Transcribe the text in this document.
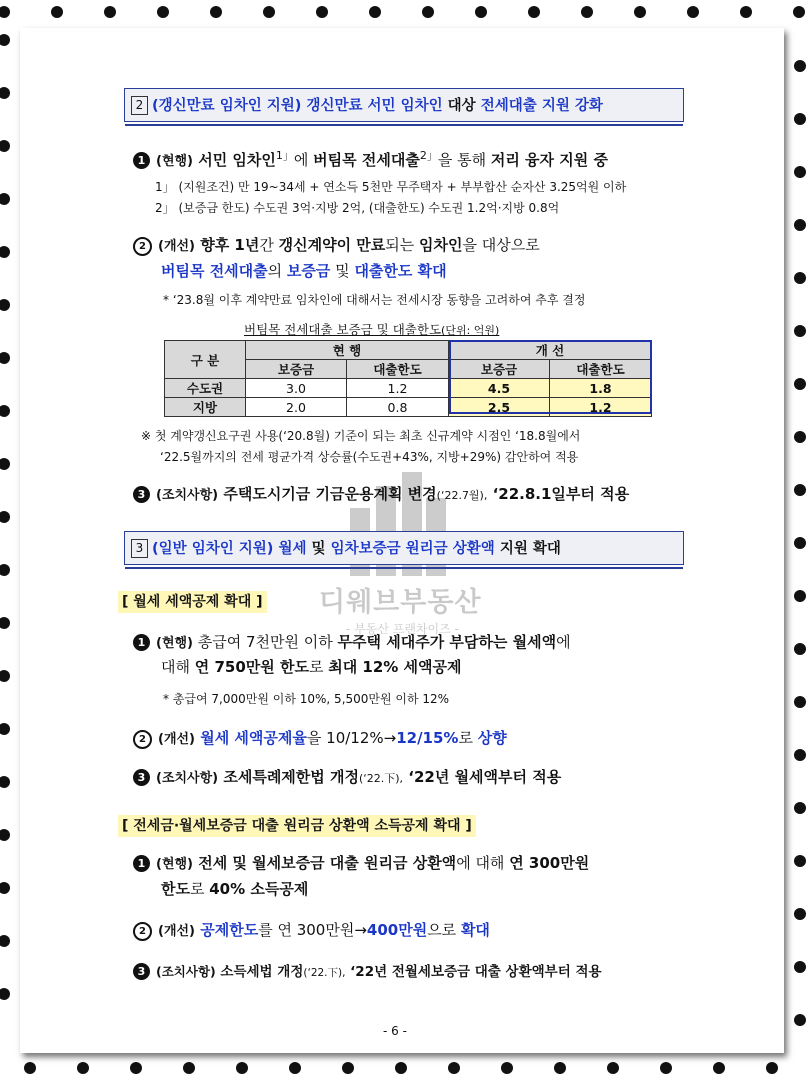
디웨브부동산
- 부동산 프랜차이즈 -
2 (갱신만료 임차인 지원) 갱신만료 서민 임차인 대상 전세대출 지원 강화
1 (현행) 서민 임차인$^{1」}$에 버팀목 전세대출$^{2」}$을 통해 저리 융자 지원 중
1」 (지원조건) 만 19~34세 + 연소득 5천만 무주택자 + 부부합산 순자산 3.25억원 이하
2」 (보증금 한도) 수도권 3억·지방 2억, (대출한도) 수도권 1.2억·지방 0.8억
2 (개선) 향후 1년간 갱신계약이 만료되는 임차인을 대상으로
버팀목 전세대출의 보증금 및 대출한도 확대
* ‘23.8월 이후 계약만료 임차인에 대해서는 전세시장 동향을 고려하여 추후 결정
버팀목 전세대출 보증금 및 대출한도(단위: 억원)
구 분	현 행		개 선	
	보증금	대출한도	보증금	대출한도
수도권	3.0	1.2	4.5	1.8
지방	2.0	0.8	2.5	1.2
※ 첫 계약갱신요구권 사용(‘20.8월) 기준이 되는 최초 신규계약 시점인 ‘18.8월에서
‘22.5월까지의 전세 평균가격 상승률(수도권+43%, 지방+29%) 감안하여 적용
3 (조치사항) 주택도시기금 기금운용계획 변경(‘22.7월), ‘22.8.1일부터 적용
3 (일반 임차인 지원) 월세 및 임차보증금 원리금 상환액 지원 확대
[ 월세 세액공제 확대 ]
1 (현행) 총급여 7천만원 이하 무주택 세대주가 부담하는 월세액에
대해 연 750만원 한도로 최대 12% 세액공제
* 총급여 7,000만원 이하 10%, 5,500만원 이하 12%
2 (개선) 월세 세액공제율을 10/12%→12/15%로 상향
3 (조치사항) 조세특례제한법 개정(‘22.下), ‘22년 월세액부터 적용
[ 전세금·월세보증금 대출 원리금 상환액 소득공제 확대 ]
1 (현행) 전세 및 월세보증금 대출 원리금 상환액에 대해 연 300만원
한도로 40% 소득공제
2 (개선) 공제한도를 연 300만원→400만원으로 확대
3 (조치사항) 소득세법 개정(‘22.下), ‘22년 전월세보증금 대출 상환액부터 적용
- 6 -
